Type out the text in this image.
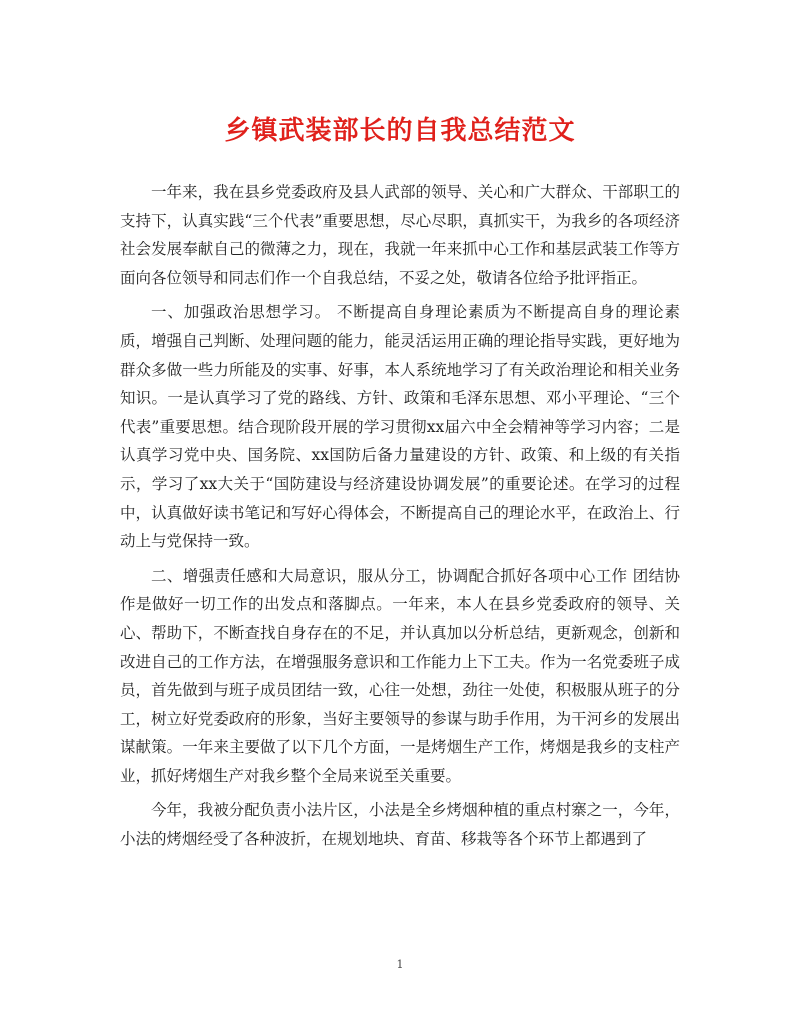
乡镇武装部长的自我总结范文

一年来，我在县乡党委政府及县人武部的领导、关心和广大群众、干部职工的支持下，认真实践“三个代表”重要思想，尽心尽职，真抓实干，为我乡的各项经济社会发展奉献自己的微薄之力，现在，我就一年来抓中心工作和基层武装工作等方面向各位领导和同志们作一个自我总结，不妥之处，敬请各位给予批评指正。

一、加强政治思想学习。 不断提高自身理论素质为不断提高自身的理论素质，增强自己判断、处理问题的能力，能灵活运用正确的理论指导实践，更好地为群众多做一些力所能及的实事、好事，本人系统地学习了有关政治理论和相关业务知识。一是认真学习了党的路线、方针、政策和毛泽东思想、邓小平理论、“三个代表”重要思想。结合现阶段开展的学习贯彻xx届六中全会精神等学习内容；二是认真学习党中央、国务院、xx国防后备力量建设的方针、政策、和上级的有关指示，学习了xx大关于“国防建设与经济建设协调发展”的重要论述。在学习的过程中，认真做好读书笔记和写好心得体会，不断提高自己的理论水平，在政治上、行动上与党保持一致。

二、增强责任感和大局意识，服从分工，协调配合抓好各项中心工作 团结协作是做好一切工作的出发点和落脚点。一年来，本人在县乡党委政府的领导、关心、帮助下，不断查找自身存在的不足，并认真加以分析总结，更新观念，创新和改进自己的工作方法，在增强服务意识和工作能力上下工夫。作为一名党委班子成员，首先做到与班子成员团结一致，心往一处想，劲往一处使，积极服从班子的分工，树立好党委政府的形象，当好主要领导的参谋与助手作用，为干河乡的发展出谋献策。一年来主要做了以下几个方面，一是烤烟生产工作，烤烟是我乡的支柱产业，抓好烤烟生产对我乡整个全局来说至关重要。

今年，我被分配负责小法片区，小法是全乡烤烟种植的重点村寨之一，今年，小法的烤烟经受了各种波折，在规划地块、育苗、移栽等各个环节上都遇到了

1
